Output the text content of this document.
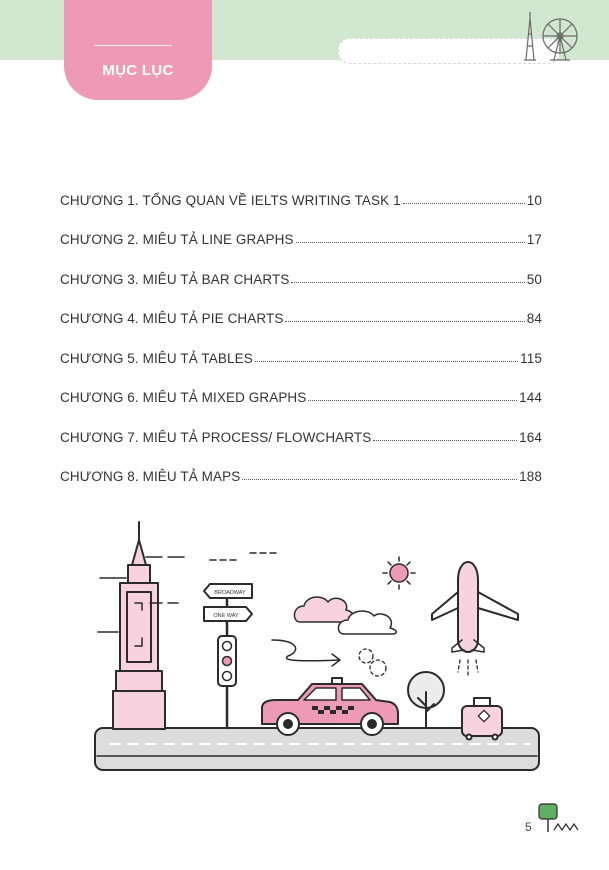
MỤC LỤC
CHƯƠNG 1. TỔNG QUAN VỀ IELTS WRITING TASK 1	10
CHƯƠNG 2. MIÊU TẢ LINE GRAPHS	17
CHƯƠNG 3. MIÊU TẢ BAR CHARTS	50
CHƯƠNG 4. MIÊU TẢ PIE CHARTS	84
CHƯƠNG 5. MIÊU TẢ TABLES	115
CHƯƠNG 6. MIÊU TẢ MIXED GRAPHS	144
CHƯƠNG 7. MIÊU TẢ PROCESS/ FLOWCHARTS	164
CHƯƠNG 8. MIÊU TẢ MAPS	188
BROADWAY
ONE WAY
5
